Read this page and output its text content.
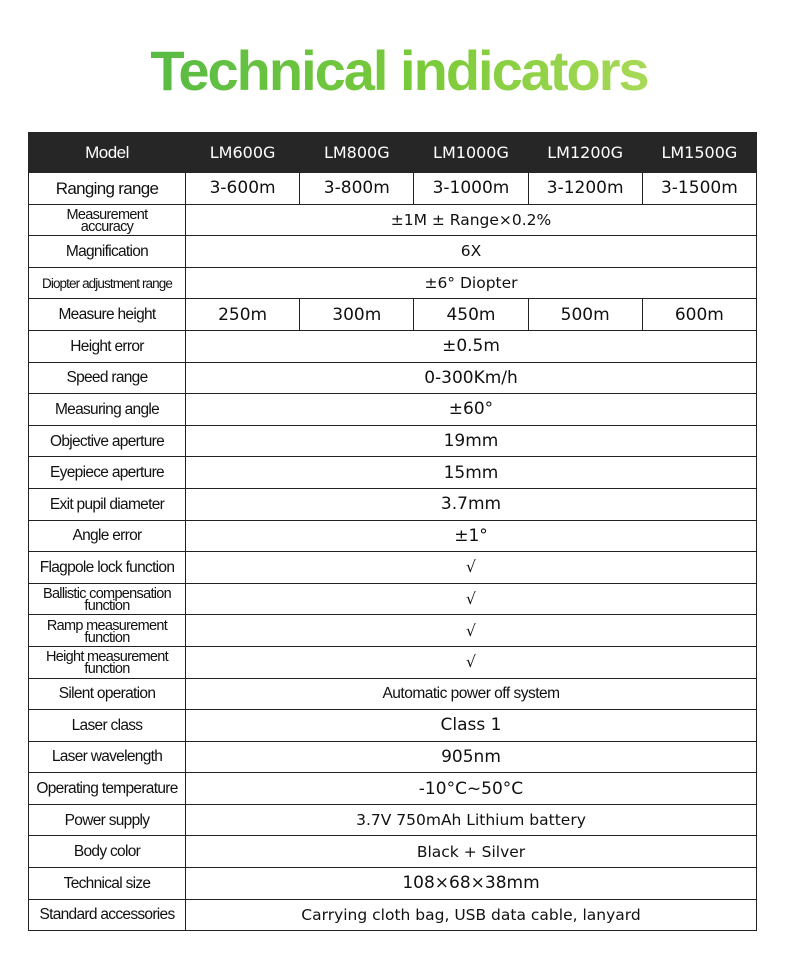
Technical indicators
Model	LM600G	LM800G	LM1000G	LM1200G	LM1500G
Ranging range	3-600m	3-800m	3-1000m	3-1200m	3-1500m

Measurement
accuracy	±1M ± Range×0.2%				
Magnification	6X				
Diopter adjustment range	±6° Diopter				
Measure height	250m	300m	450m	500m	600m
Height error	±0.5m				
Speed range	0-300Km/h				
Measuring angle	±60°				
Objective aperture	19mm				
Eyepiece aperture	15mm				
Exit pupil diameter	3.7mm				
Angle error	±1°				
Flagpole lock function	√				

Ballistic compensation
function	√				

Ramp measurement
function	√				

Height measurement
function	√				
Silent operation	Automatic power off system				
Laser class	Class 1				
Laser wavelength	905nm				
Operating temperature	-10°C~50°C				
Power supply	3.7V 750mAh Lithium battery				
Body color	Black + Silver				
Technical size	108×68×38mm				
Standard accessories	Carrying cloth bag, USB data cable, lanyard				
